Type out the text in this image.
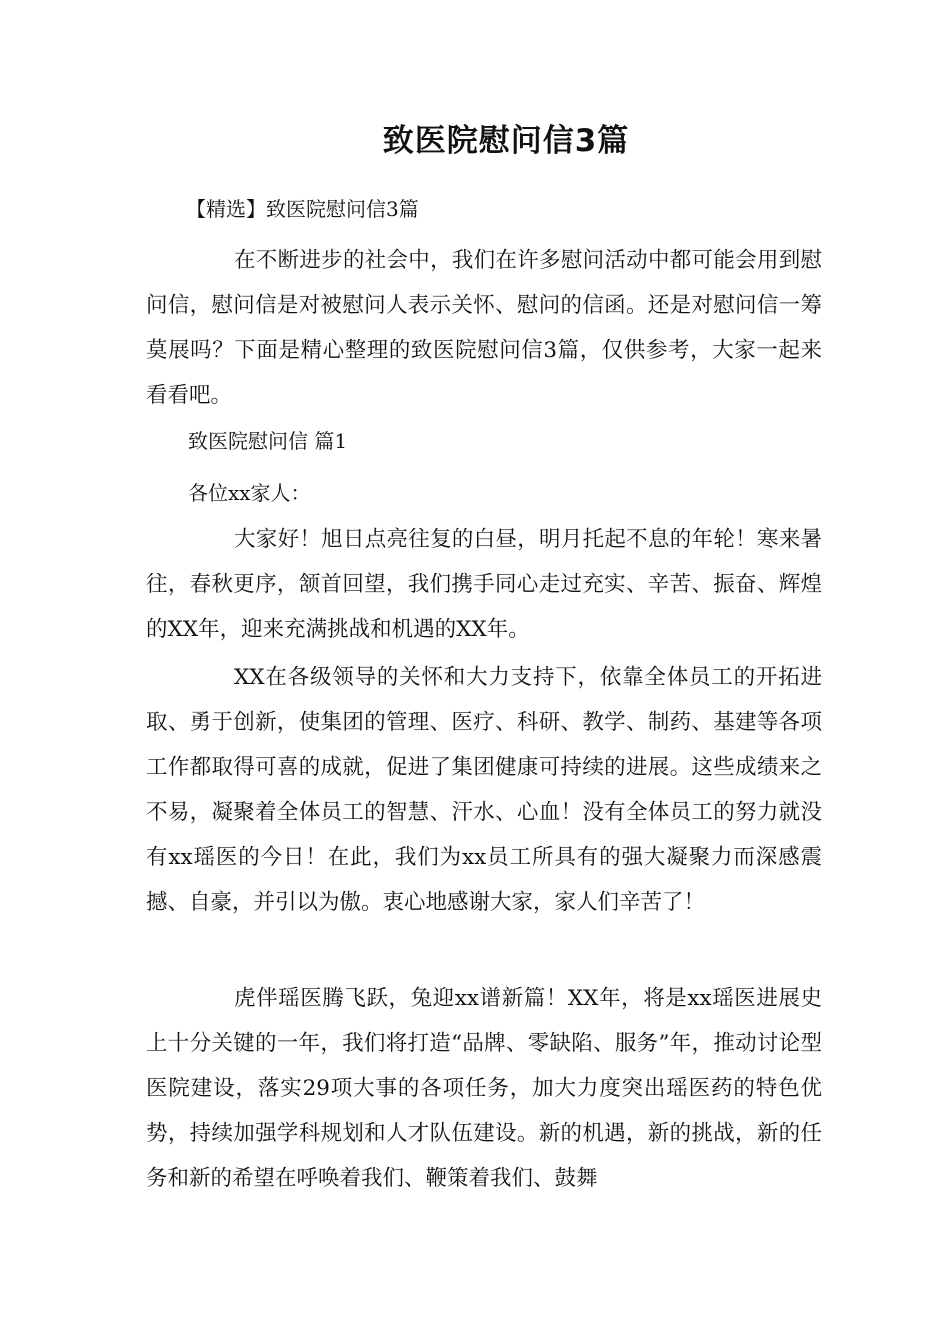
致医院慰问信3篇
【精选】致医院慰问信3篇

在不断进步的社会中，我们在许多慰问活动中都可能会用到慰问信，慰问信是对被慰问人表示关怀、慰问的信函。还是对慰问信一筹莫展吗？下面是精心整理的致医院慰问信3篇，仅供参考，大家一起来看看吧。

致医院慰问信 篇1
各位xx家人：

大家好！旭日点亮往复的白昼，明月托起不息的年轮！寒来暑往，春秋更序，颔首回望，我们携手同心走过充实、辛苦、振奋、辉煌的XX年，迎来充满挑战和机遇的XX年。

XX在各级领导的关怀和大力支持下，依靠全体员工的开拓进取、勇于创新，使集团的管理、医疗、科研、教学、制药、基建等各项工作都取得可喜的成就，促进了集团健康可持续的进展。这些成绩来之不易，凝聚着全体员工的智慧、汗水、心血！没有全体员工的努力就没有xx瑶医的今日！在此，我们为xx员工所具有的强大凝聚力而深感震撼、自豪，并引以为傲。衷心地感谢大家，家人们辛苦了！

虎伴瑶医腾飞跃，兔迎xx谱新篇！XX年，将是xx瑶医进展史上十分关键的一年，我们将打造“品牌、零缺陷、服务”年，推动讨论型医院建设，落实29项大事的各项任务，加大力度突出瑶医药的特色优势，持续加强学科规划和人才队伍建设。新的机遇，新的挑战，新的任务和新的希望在呼唤着我们、鞭策着我们、鼓舞
